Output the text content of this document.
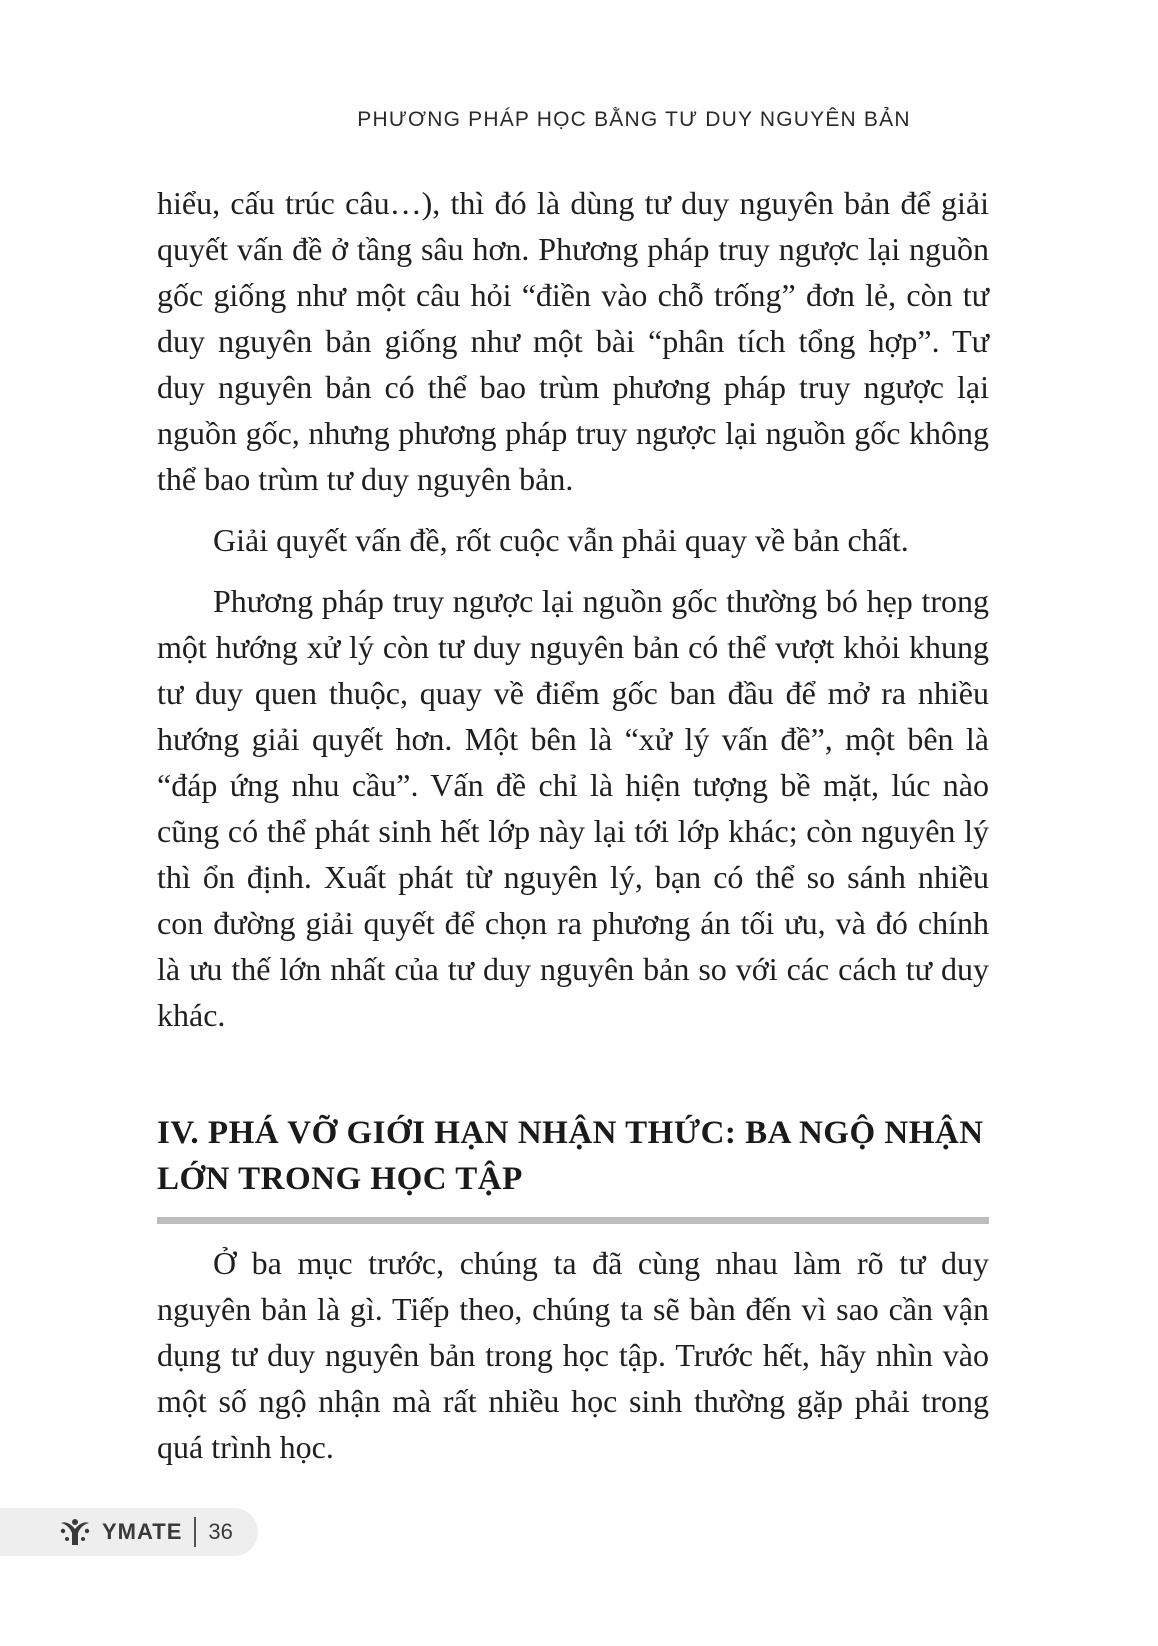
PHƯƠNG PHÁP HỌC BẰNG TƯ DUY NGUYÊN BẢN

hiểu, cấu trúc câu…), thì đó là dùng tư duy nguyên bản để giải quyết vấn đề ở tầng sâu hơn. Phương pháp truy ngược lại nguồn gốc giống như một câu hỏi “điền vào chỗ trống” đơn lẻ, còn tư duy nguyên bản giống như một bài “phân tích tổng hợp”. Tư duy nguyên bản có thể bao trùm phương pháp truy ngược lại nguồn gốc, nhưng phương pháp truy ngược lại nguồn gốc không thể bao trùm tư duy nguyên bản.

Giải quyết vấn đề, rốt cuộc vẫn phải quay về bản chất.

Phương pháp truy ngược lại nguồn gốc thường bó hẹp trong một hướng xử lý còn tư duy nguyên bản có thể vượt khỏi khung tư duy quen thuộc, quay về điểm gốc ban đầu để mở ra nhiều hướng giải quyết hơn. Một bên là “xử lý vấn đề”, một bên là “đáp ứng nhu cầu”. Vấn đề chỉ là hiện tượng bề mặt, lúc nào cũng có thể phát sinh hết lớp này lại tới lớp khác; còn nguyên lý thì ổn định. Xuất phát từ nguyên lý, bạn có thể so sánh nhiều con đường giải quyết để chọn ra phương án tối ưu, và đó chính là ưu thế lớn nhất của tư duy nguyên bản so với các cách tư duy khác.

IV. PHÁ VỠ GIỚI HẠN NHẬN THỨC: BA NGỘ NHẬN
LỚN TRONG HỌC TẬP

Ở ba mục trước, chúng ta đã cùng nhau làm rõ tư duy nguyên bản là gì. Tiếp theo, chúng ta sẽ bàn đến vì sao cần vận dụng tư duy nguyên bản trong học tập. Trước hết, hãy nhìn vào một số ngộ nhận mà rất nhiều học sinh thường gặp phải trong quá trình học.

YMATE 36
